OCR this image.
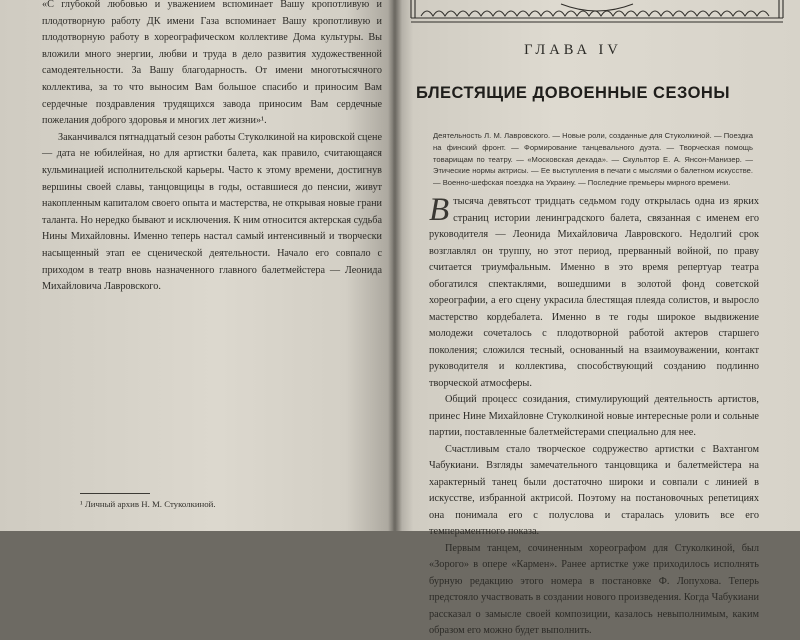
«С глубокой любовью и уважением вспоминает Вашу кропотливую и плодотворную работу ДК имени Газа вспоминает Вашу кропотливую и плодотворную работу в хореографическом коллективе Дома культуры. Вы вложили много энергии, любви и труда в дело развития художественной самодеятельности. За Вашу благодарность. От имени многотысячного коллектива, за то что выносим Вам большое спасибо и приносим Вам сердечные поздравления трудящихся завода приносим Вам сердечные пожелания доброго здоровья и многих лет жизни»¹.

Заканчивался пятнадцатый сезон работы Стуколкиной на кировской сцене — дата не юбилейная, но для артистки балета, как правило, считающаяся кульминацией исполнительской карьеры. Часто к этому времени, достигнув вершины своей славы, танцовщицы в годы, оставшиеся до пенсии, живут накопленным капиталом своего опыта и мастерства, не открывая новые грани таланта. Но нередко бывают и исключения. К ним относится актерская судьба Нины Михайловны. Именно теперь настал самый интенсивный и творчески насыщенный этап ее сценической деятельности. Начало его совпало с приходом в театр вновь назначенного главного балетмейстера — Леонида Михайловича Лавровского.

¹ Личный архив Н. М. Стуколкиной.
ГЛАВА IV
БЛЕСТЯЩИЕ ДОВОЕННЫЕ СЕЗОНЫ
Деятельность Л. М. Лавровского. — Новые роли, созданные для Стуколкиной. — Поездка на финский фронт. — Формирование танцевального дуэта. — Творческая помощь товарищам по театру. — «Московская декада». — Скульптор Е. А. Янсон-Манизер. — Этические нормы актрисы. — Ее выступления в печати с мыслями о балетном искусстве. — Военно-шефская поездка на Украину. — Последние премьеры мирного времени.

В тысяча девятьсот тридцать седьмом году открылась одна из ярких страниц истории ленинградского балета, связанная с именем его руководителя — Леонида Михайловича Лавровского. Недолгий срок возглавлял он труппу, но этот период, прерванный войной, по праву считается триумфальным. Именно в это время репертуар театра обогатился спектаклями, вошедшими в золотой фонд советской хореографии, а его сцену украсила блестящая плеяда солистов, и выросло мастерство кордебалета. Именно в те годы широкое выдвижение молодежи сочеталось с плодотворной работой актеров старшего поколения; сложился тесный, основанный на взаимоуважении, контакт руководителя и коллектива, способствующий созданию подлинно творческой атмосферы.

Общий процесс созидания, стимулирующий деятельность артистов, принес Нине Михайловне Стуколкиной новые интересные роли и сольные партии, поставленные балетмейстерами специально для нее.

Счастливым стало творческое содружество артистки с Вахтангом Чабукиани. Взгляды замечательного танцовщика и балетмейстера на характерный танец были достаточно широки и совпали с линией в искусстве, избранной актрисой. Поэтому на постановочных репетициях она понимала его с полуслова и старалась уловить все его темпераментного показа.

Первым танцем, сочиненным хореографом для Стуколкиной, был «Зорого» в опере «Кармен». Ранее артистке уже приходилось исполнять бурную редакцию этого номера в постановке Ф. Лопухова. Теперь предстояло участвовать в создании нового произведения. Когда Чабукиани рассказал о замысле своей композиции, казалось невыполнимым, каким образом его можно будет выполнить.
